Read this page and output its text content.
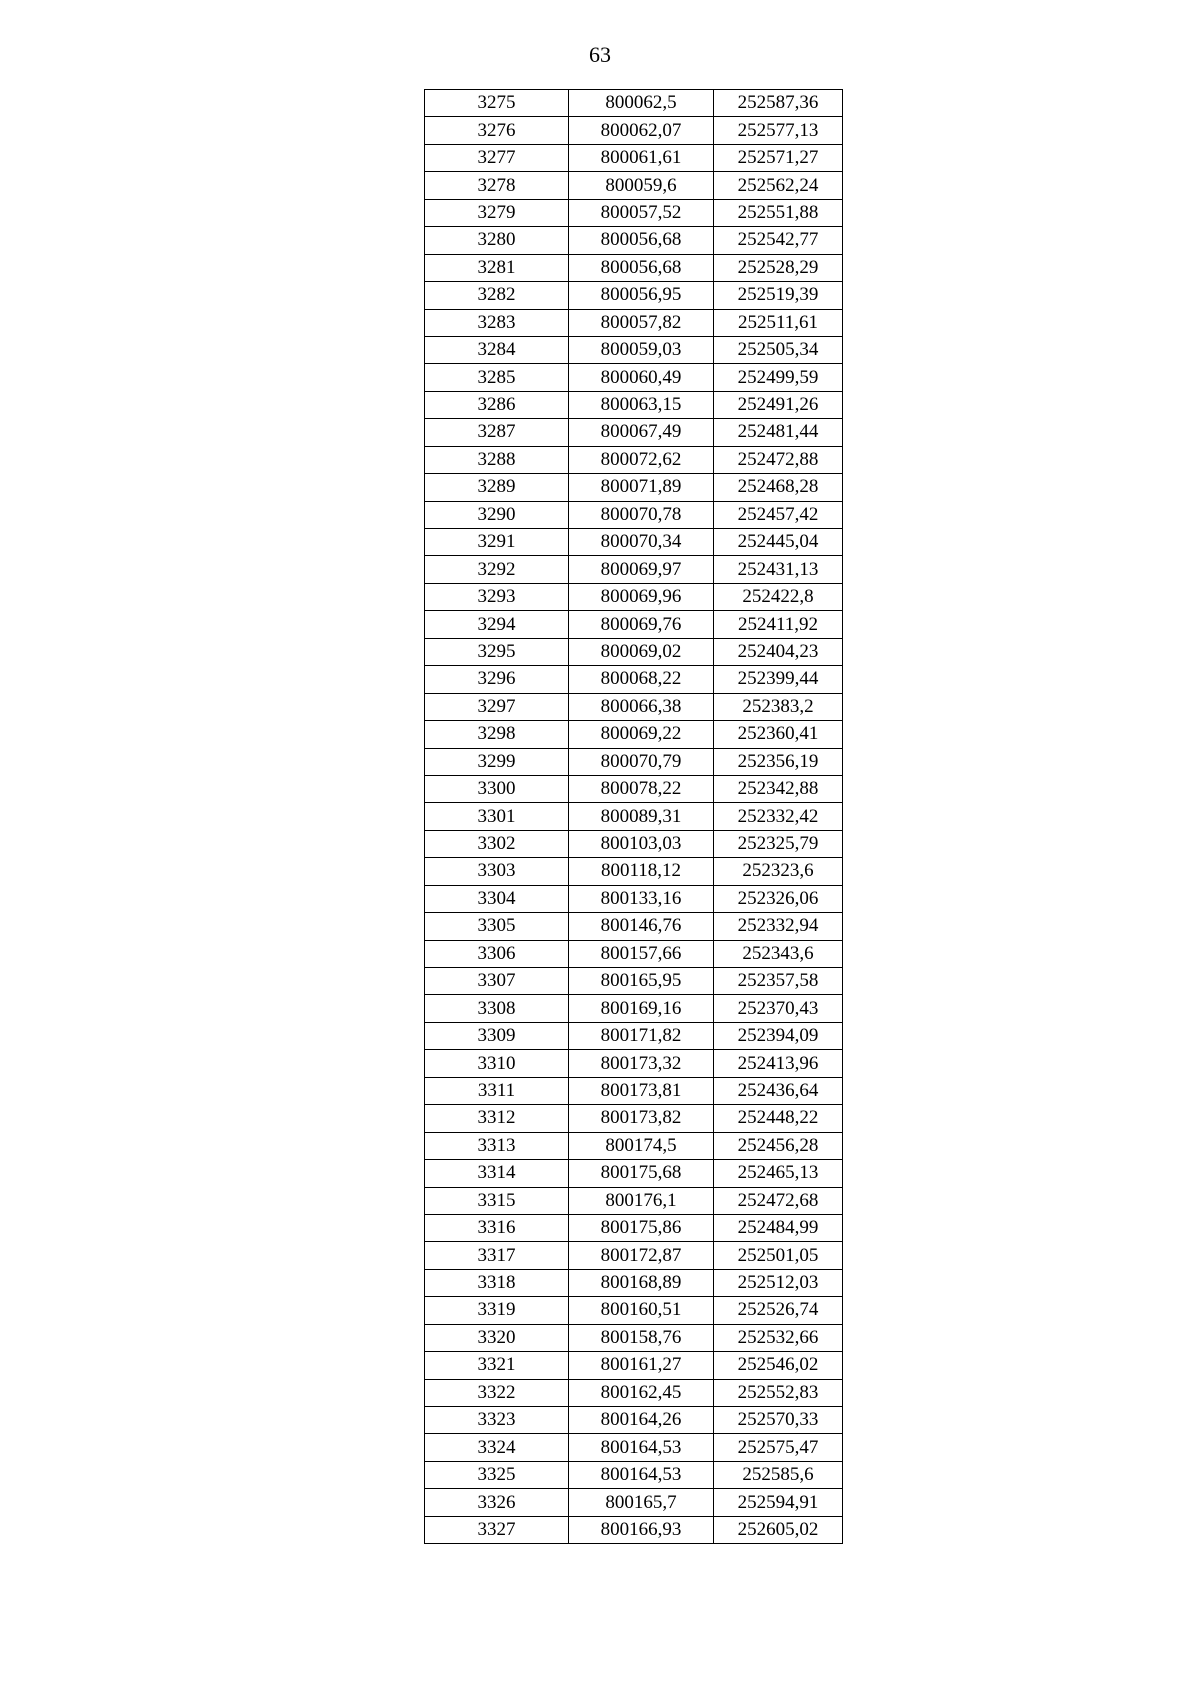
63
3275	800062,5	252587,36
3276	800062,07	252577,13
3277	800061,61	252571,27
3278	800059,6	252562,24
3279	800057,52	252551,88
3280	800056,68	252542,77
3281	800056,68	252528,29
3282	800056,95	252519,39
3283	800057,82	252511,61
3284	800059,03	252505,34
3285	800060,49	252499,59
3286	800063,15	252491,26
3287	800067,49	252481,44
3288	800072,62	252472,88
3289	800071,89	252468,28
3290	800070,78	252457,42
3291	800070,34	252445,04
3292	800069,97	252431,13
3293	800069,96	252422,8
3294	800069,76	252411,92
3295	800069,02	252404,23
3296	800068,22	252399,44
3297	800066,38	252383,2
3298	800069,22	252360,41
3299	800070,79	252356,19
3300	800078,22	252342,88
3301	800089,31	252332,42
3302	800103,03	252325,79
3303	800118,12	252323,6
3304	800133,16	252326,06
3305	800146,76	252332,94
3306	800157,66	252343,6
3307	800165,95	252357,58
3308	800169,16	252370,43
3309	800171,82	252394,09
3310	800173,32	252413,96
3311	800173,81	252436,64
3312	800173,82	252448,22
3313	800174,5	252456,28
3314	800175,68	252465,13
3315	800176,1	252472,68
3316	800175,86	252484,99
3317	800172,87	252501,05
3318	800168,89	252512,03
3319	800160,51	252526,74
3320	800158,76	252532,66
3321	800161,27	252546,02
3322	800162,45	252552,83
3323	800164,26	252570,33
3324	800164,53	252575,47
3325	800164,53	252585,6
3326	800165,7	252594,91
3327	800166,93	252605,02
